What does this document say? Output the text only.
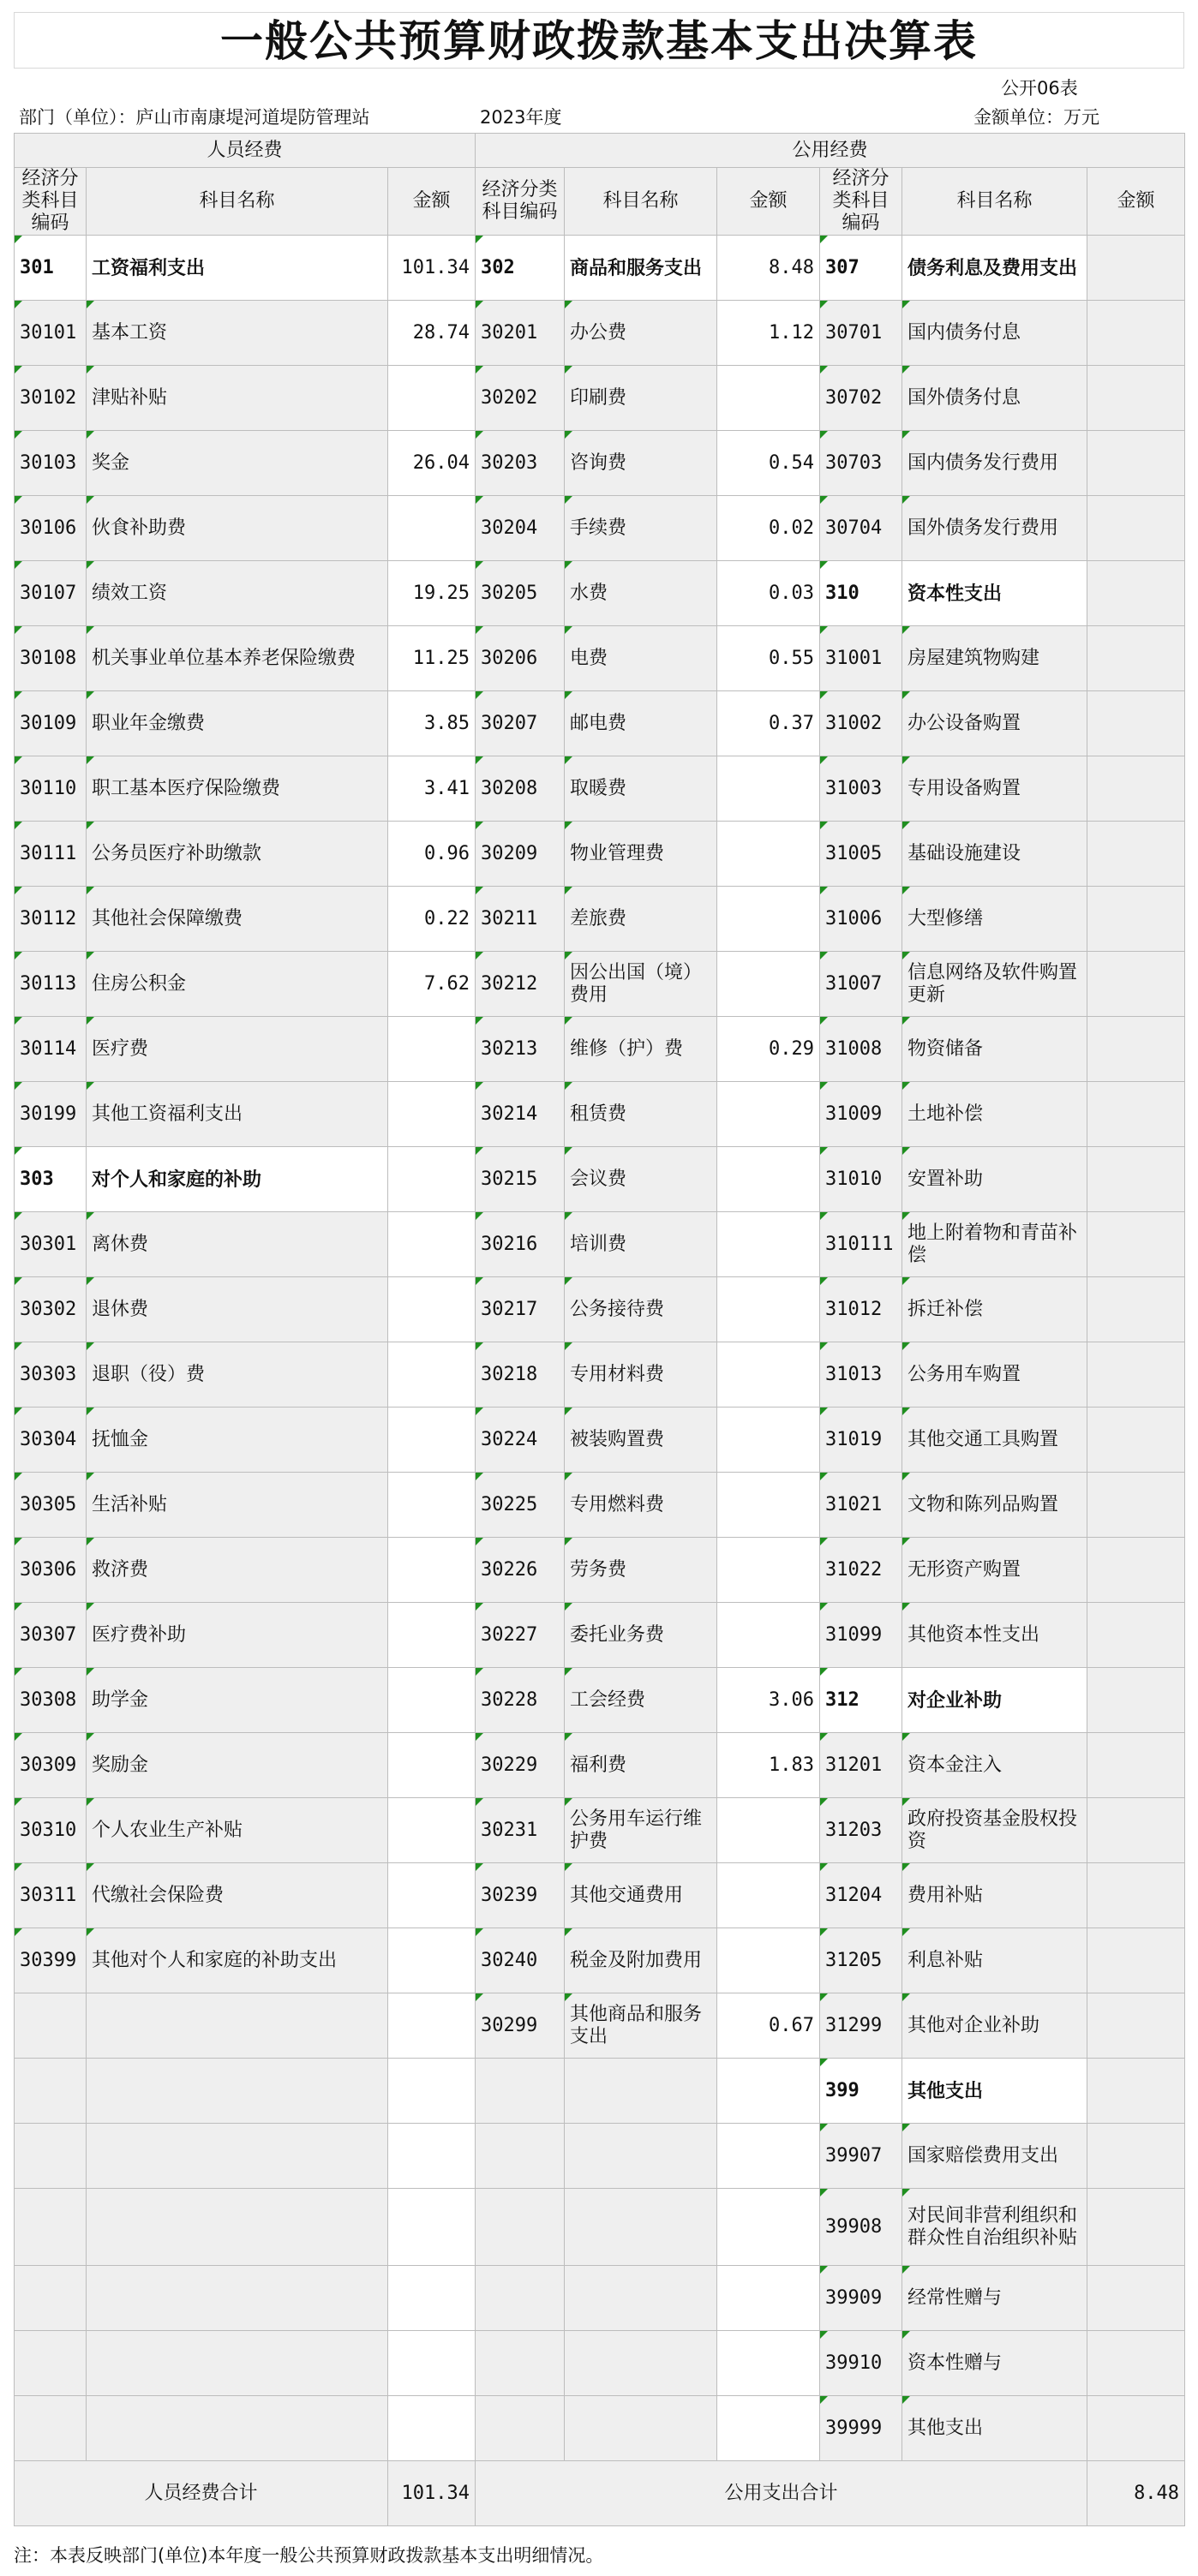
一般公共预算财政拨款基本支出决算表
公开06表
部门（单位）：庐山市南康堤河道堤防管理站	2023年度	金额单位：万元
人员经费			公用经费					
经济分类科目编码	科目名称	金额	经济分类科目编码	科目名称	金额	经济分类科目编码	科目名称	金额
301	工资福利支出	101.34	302	商品和服务支出	8.48	307	债务利息及费用支出	
30101	基本工资	28.74	30201	办公费	1.12	30701	国内债务付息	
30102	津贴补贴		30202	印刷费		30702	国外债务付息	
30103	奖金	26.04	30203	咨询费	0.54	30703	国内债务发行费用	
30106	伙食补助费		30204	手续费	0.02	30704	国外债务发行费用	
30107	绩效工资	19.25	30205	水费	0.03	310	资本性支出	
30108	机关事业单位基本养老保险缴费	11.25	30206	电费	0.55	31001	房屋建筑物购建	
30109	职业年金缴费	3.85	30207	邮电费	0.37	31002	办公设备购置	
30110	职工基本医疗保险缴费	3.41	30208	取暖费		31003	专用设备购置	
30111	公务员医疗补助缴款	0.96	30209	物业管理费		31005	基础设施建设	
30112	其他社会保障缴费	0.22	30211	差旅费		31006	大型修缮	
30113	住房公积金	7.62	30212	因公出国（境）费用		31007	信息网络及软件购置更新	
30114	医疗费		30213	维修（护）费	0.29	31008	物资储备	
30199	其他工资福利支出		30214	租赁费		31009	土地补偿	
303	对个人和家庭的补助		30215	会议费		31010	安置补助	
30301	离休费		30216	培训费		310111	地上附着物和青苗补偿	
30302	退休费		30217	公务接待费		31012	拆迁补偿	
30303	退职（役）费		30218	专用材料费		31013	公务用车购置	
30304	抚恤金		30224	被装购置费		31019	其他交通工具购置	
30305	生活补贴		30225	专用燃料费		31021	文物和陈列品购置	
30306	救济费		30226	劳务费		31022	无形资产购置	
30307	医疗费补助		30227	委托业务费		31099	其他资本性支出	
30308	助学金		30228	工会经费	3.06	312	对企业补助	
30309	奖励金		30229	福利费	1.83	31201	资本金注入	
30310	个人农业生产补贴		30231	公务用车运行维护费		31203	政府投资基金股权投资	
30311	代缴社会保险费		30239	其他交通费用		31204	费用补贴	
30399	其他对个人和家庭的补助支出		30240	税金及附加费用		31205	利息补贴	
			30299	其他商品和服务支出	0.67	31299	其他对企业补助	
						399	其他支出	
						39907	国家赔偿费用支出	
						39908	对民间非营利组织和群众性自治组织补贴	
						39909	经常性赠与	
						39910	资本性赠与	
						39999	其他支出	
人员经费合计		101.34	公用支出合计					8.48
注：本表反映部门(单位)本年度一般公共预算财政拨款基本支出明细情况。
